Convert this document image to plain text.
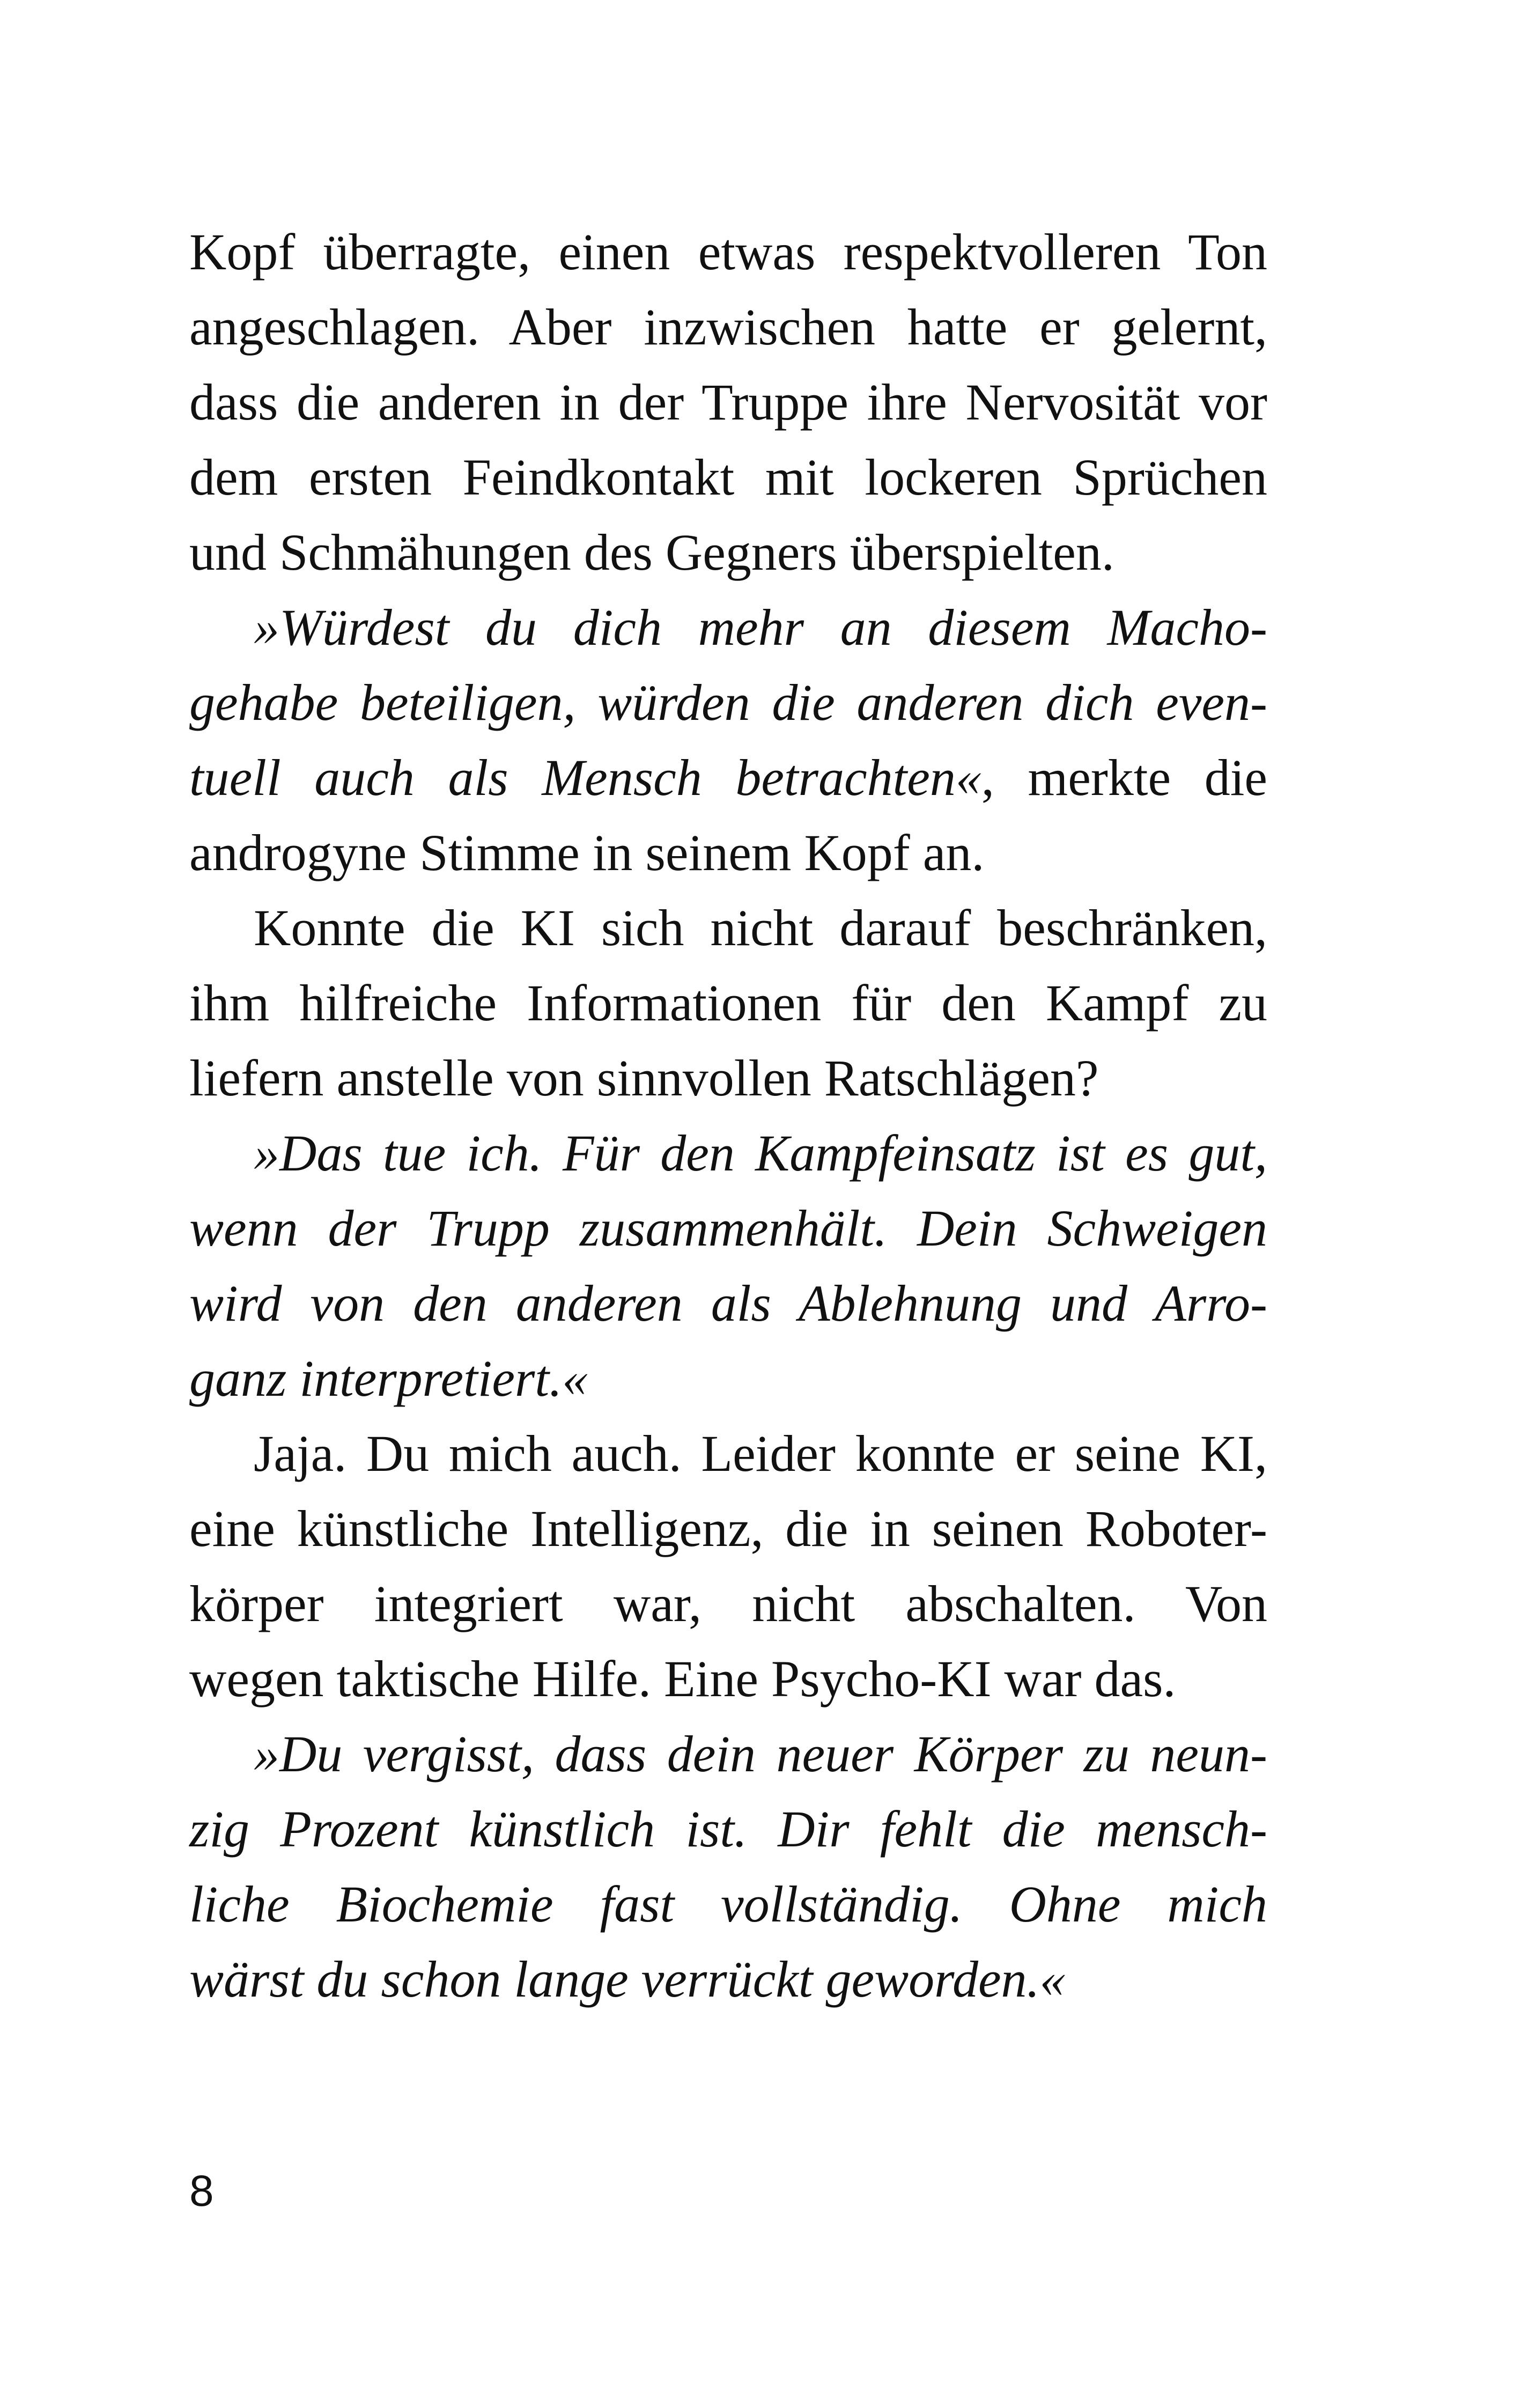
Kopf überragte, einen etwas respektvolleren Ton
angeschlagen. Aber inzwischen hatte er gelernt,
dass die anderen in der Truppe ihre Nervosität vor
dem ersten Feindkontakt mit lockeren Sprüchen
und Schmähungen des Gegners überspielten.
»Würdest du dich mehr an diesem Macho-
gehabe beteiligen, würden die anderen dich even-
tuell auch als Mensch betrachten«, merkte die
androgyne Stimme in seinem Kopf an.
Konnte die KI sich nicht darauf beschränken,
ihm hilfreiche Informationen für den Kampf zu
liefern anstelle von sinnvollen Ratschlägen?
»Das tue ich. Für den Kampfeinsatz ist es gut,
wenn der Trupp zusammenhält. Dein Schweigen
wird von den anderen als Ablehnung und Arro-
ganz interpretiert.«
Jaja. Du mich auch. Leider konnte er seine KI,
eine künstliche Intelligenz, die in seinen Roboter-
körper integriert war, nicht abschalten. Von
wegen taktische Hilfe. Eine Psycho-KI war das.
»Du vergisst, dass dein neuer Körper zu neun-
zig Prozent künstlich ist. Dir fehlt die mensch-
liche Biochemie fast vollständig. Ohne mich
wärst du schon lange verrückt geworden.«
8
